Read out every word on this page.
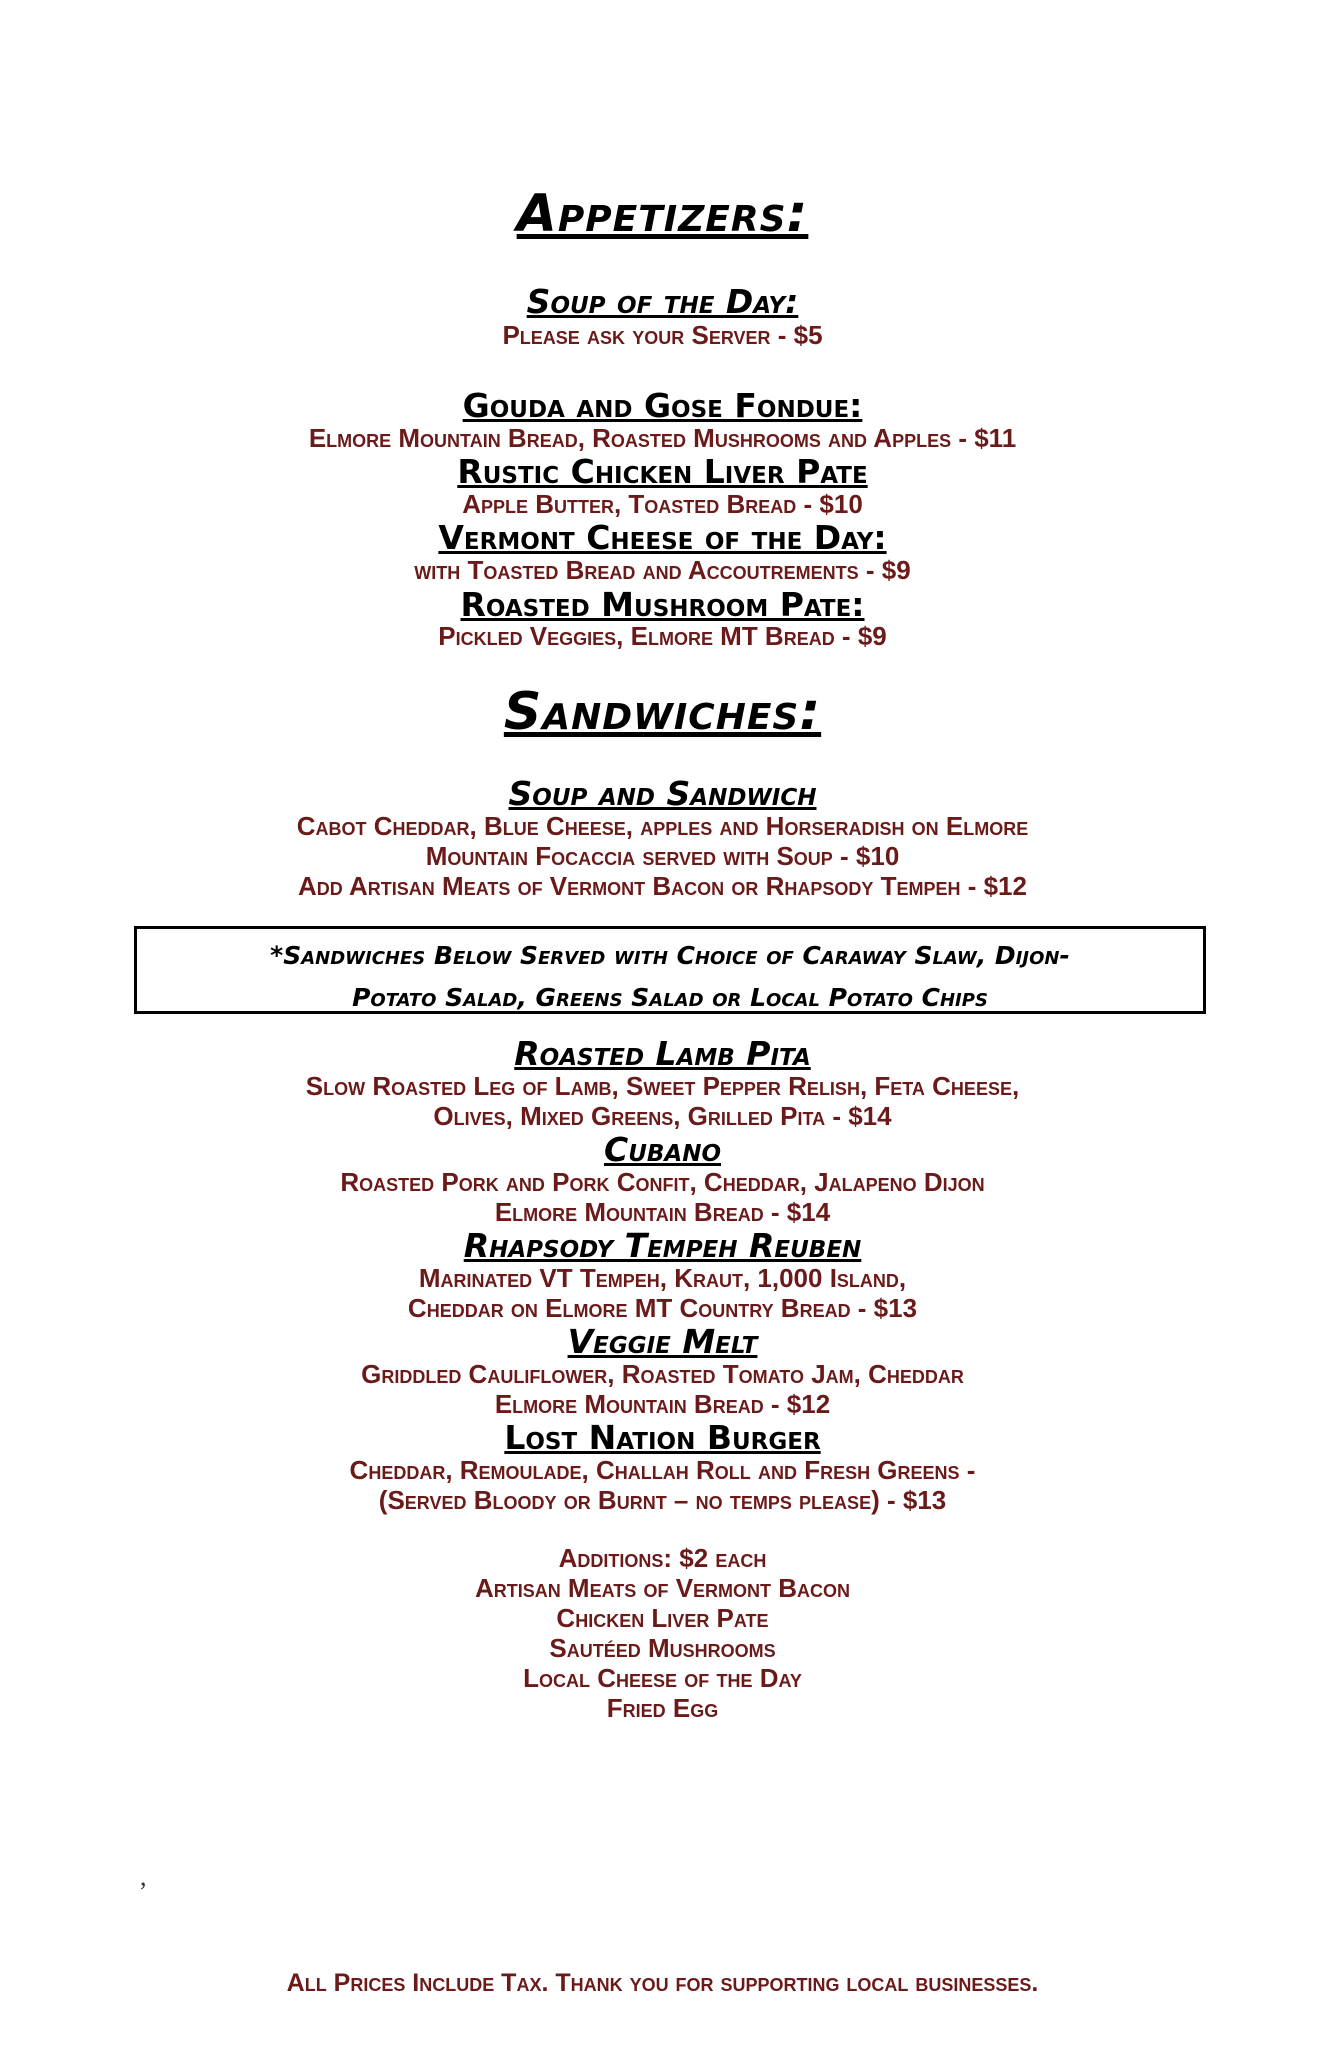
Appetizers:
Soup of the Day:
Please ask your Server - $5
Gouda and Gose Fondue:
Elmore Mountain Bread, Roasted Mushrooms and Apples - $11
Rustic Chicken Liver Pate
Apple Butter, Toasted Bread - $10
Vermont Cheese of the Day:
with Toasted Bread and Accoutrements - $9
Roasted Mushroom Pate:
Pickled Veggies, Elmore MT Bread - $9
Sandwiches:
Soup and Sandwich
Cabot Cheddar, Blue Cheese, apples and Horseradish on Elmore
Mountain Focaccia served with Soup - $10
Add Artisan Meats of Vermont Bacon or Rhapsody Tempeh - $12
*Sandwiches Below Served with Choice of Caraway Slaw, Dijon-
Potato Salad, Greens Salad or Local Potato Chips
Roasted Lamb Pita
Slow Roasted Leg of Lamb, Sweet Pepper Relish, Feta Cheese,
Olives, Mixed Greens, Grilled Pita - $14
Cubano
Roasted Pork and Pork Confit, Cheddar, Jalapeno Dijon
Elmore Mountain Bread - $14
Rhapsody Tempeh Reuben
Marinated VT Tempeh, Kraut, 1,000 Island,
Cheddar on Elmore MT Country Bread - $13
Veggie Melt
Griddled Cauliflower, Roasted Tomato Jam, Cheddar
Elmore Mountain Bread - $12
Lost Nation Burger
Cheddar, Remoulade, Challah Roll and Fresh Greens -
(Served Bloody or Burnt – no temps please) - $13
Additions: $2 each
Artisan Meats of Vermont Bacon
Chicken Liver Pate
Sautéed Mushrooms
Local Cheese of the Day
Fried Egg
,
All Prices Include Tax. Thank you for supporting local businesses.
